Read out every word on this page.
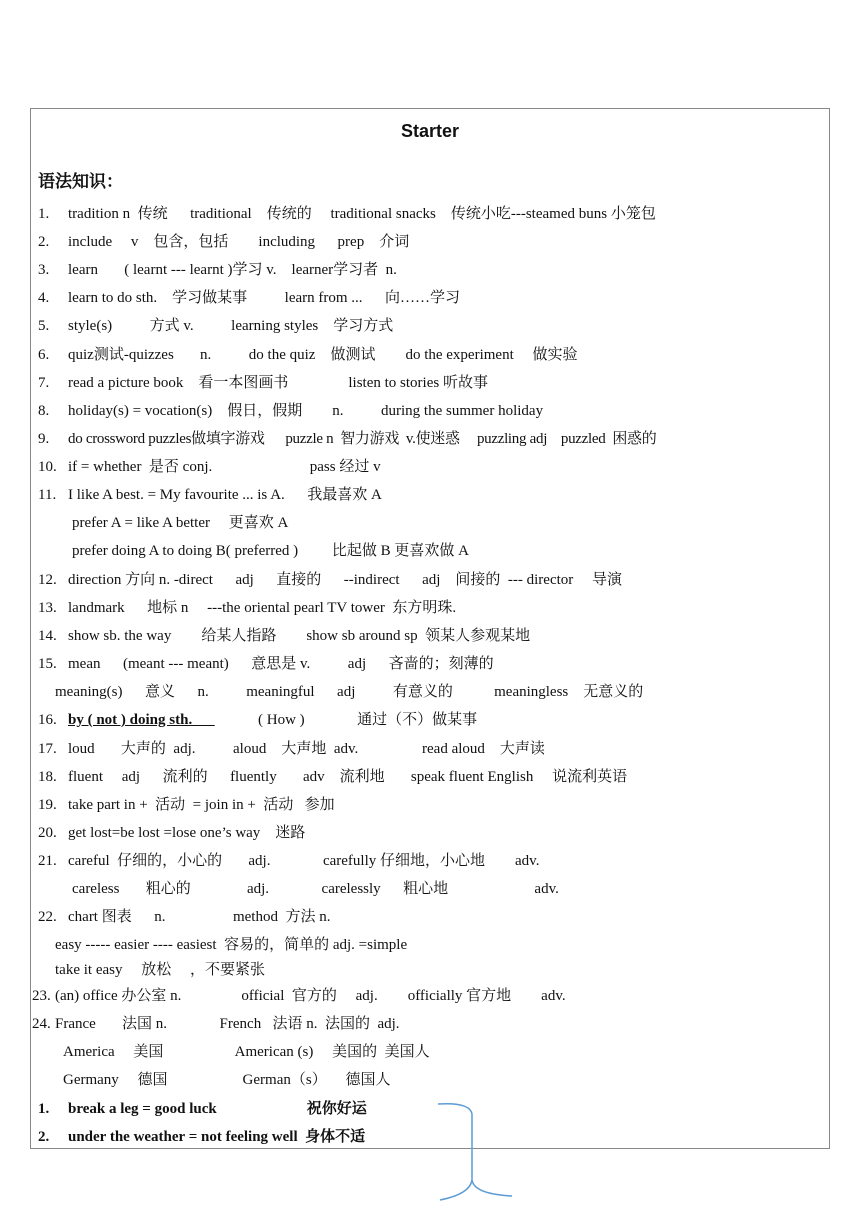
Starter
语法知识：
1. tradition n  传统      traditional    传统的     traditional snacks    传统小吃---steamed buns 小笼包
2. include     v    包含，包括        including      prep    介词
3. learn       ( learnt --- learnt )学习 v.    learner学习者  n.
4. learn to do sth.    学习做某事          learn from ...      向……学习
5. style(s)          方式 v.          learning styles    学习方式
6. quiz测试-quizzes       n.          do the quiz    做测试        do the experiment     做实验
7. read a picture book    看一本图画书                listen to stories 听故事
8. holiday(s) = vocation(s)    假日，假期        n.          during the summer holiday
9. do crossword puzzles做填字游戏      puzzle n  智力游戏  v.使迷惑     puzzling adj    puzzled  困惑的
10. if = whether  是否 conj.                          pass 经过 v
11. I like A best. = My favourite ... is A.      我最喜欢 A
prefer A = like A better     更喜欢 A
prefer doing A to doing B( preferred )         比起做 B 更喜欢做 A
12. direction 方向 n. -direct      adj      直接的      --indirect      adj    间接的  --- director     导演
13. landmark      地标 n     ---the oriental pearl TV tower  东方明珠.
14. show sb. the way        给某人指路        show sb around sp  领某人参观某地
15. mean      (meant --- meant)      意思是 v.          adj      吝啬的；刻薄的
meaning(s)      意义      n.          meaningful      adj          有意义的           meaningless    无意义的
16. by ( not ) doing sth.	( How )              通过（不）做某事
17. loud       大声的  adj.          aloud    大声地  adv.                 read aloud    大声读
18. fluent     adj      流利的      fluently       adv    流利地       speak fluent English     说流利英语
19. take part in +  活动  = join in +  活动   参加
20. get lost=be lost =lose one’s way    迷路
21. careful  仔细的，小心的       adj.              carefully 仔细地，小心地        adv.
careless       粗心的               adj.              carelessly      粗心地                       adv.
22. chart 图表      n.                  method  方法 n.
easy ----- easier ---- easiest  容易的，简单的 adj. =simple
take it easy     放松     ，不要紧张
23. (an) office 办公室 n.                official  官方的     adj.        officially 官方地        adv.
24. France       法国 n.              French   法语 n.  法国的  adj.
America     美国                   American (s)     美国的  美国人
Germany     德国                    German（s）     德国人
1. break a leg = good luck                        祝你好运
2. under the weather = not feeling well  身体不适
